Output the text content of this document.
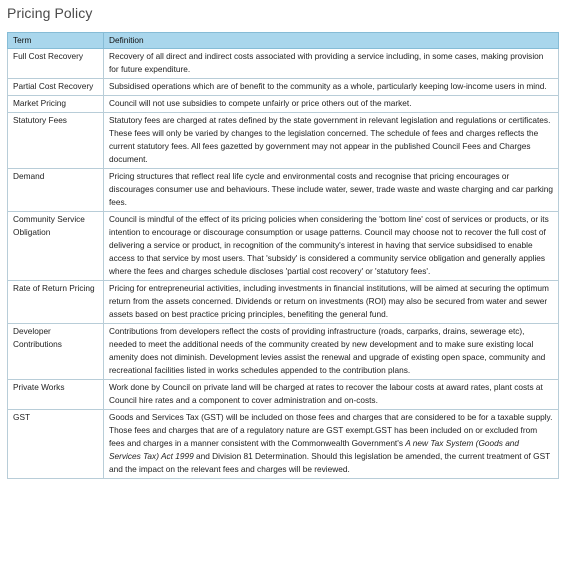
Pricing Policy
Term	Definition
Full Cost Recovery	Recovery of all direct and indirect costs associated with providing a service including, in some cases, making provision for future expenditure.
Partial Cost Recovery	Subsidised operations which are of benefit to the community as a whole, particularly keeping low-income users in mind.
Market Pricing	Council will not use subsidies to compete unfairly or price others out of the market.
Statutory Fees	Statutory fees are charged at rates defined by the state government in relevant legislation and regulations or certificates. These fees will only be varied by changes to the legislation concerned. The schedule of fees and charges reflects the current statutory fees. All fees gazetted by government may not appear in the published Council Fees and Charges document.
Demand	Pricing structures that reflect real life cycle and environmental costs and recognise that pricing encourages or discourages consumer use and behaviours. These include water, sewer, trade waste and waste charging and car parking fees.
Community Service Obligation	Council is mindful of the effect of its pricing policies when considering the 'bottom line' cost of services or products, or its intention to encourage or discourage consumption or usage patterns. Council may choose not to recover the full cost of delivering a service or product, in recognition of the community's interest in having that service subsidised to enable access to that service by most users. That 'subsidy' is considered a community service obligation and generally applies where the fees and charges schedule discloses 'partial cost recovery' or 'statutory fees'.
Rate of Return Pricing	Pricing for entrepreneurial activities, including investments in financial institutions, will be aimed at securing the optimum return from the assets concerned. Dividends or return on investments (ROI) may also be secured from water and sewer assets based on best practice pricing principles, benefiting the general fund.
Developer Contributions	Contributions from developers reflect the costs of providing infrastructure (roads, carparks, drains, sewerage etc), needed to meet the additional needs of the community created by new development and to make sure existing local amenity does not diminish. Development levies assist the renewal and upgrade of existing open space, community and recreational facilities listed in works schedules appended to the contribution plans.
Private Works	Work done by Council on private land will be charged at rates to recover the labour costs at award rates, plant costs at Council hire rates and a component to cover administration and on-costs.
GST	Goods and Services Tax (GST) will be included on those fees and charges that are considered to be for a taxable supply. Those fees and charges that are of a regulatory nature are GST exempt.GST has been included on or excluded from fees and charges in a manner consistent with the Commonwealth Government's A new Tax System (Goods and Services Tax) Act 1999 and Division 81 Determination. Should this legislation be amended, the current treatment of GST and the impact on the relevant fees and charges will be reviewed.
